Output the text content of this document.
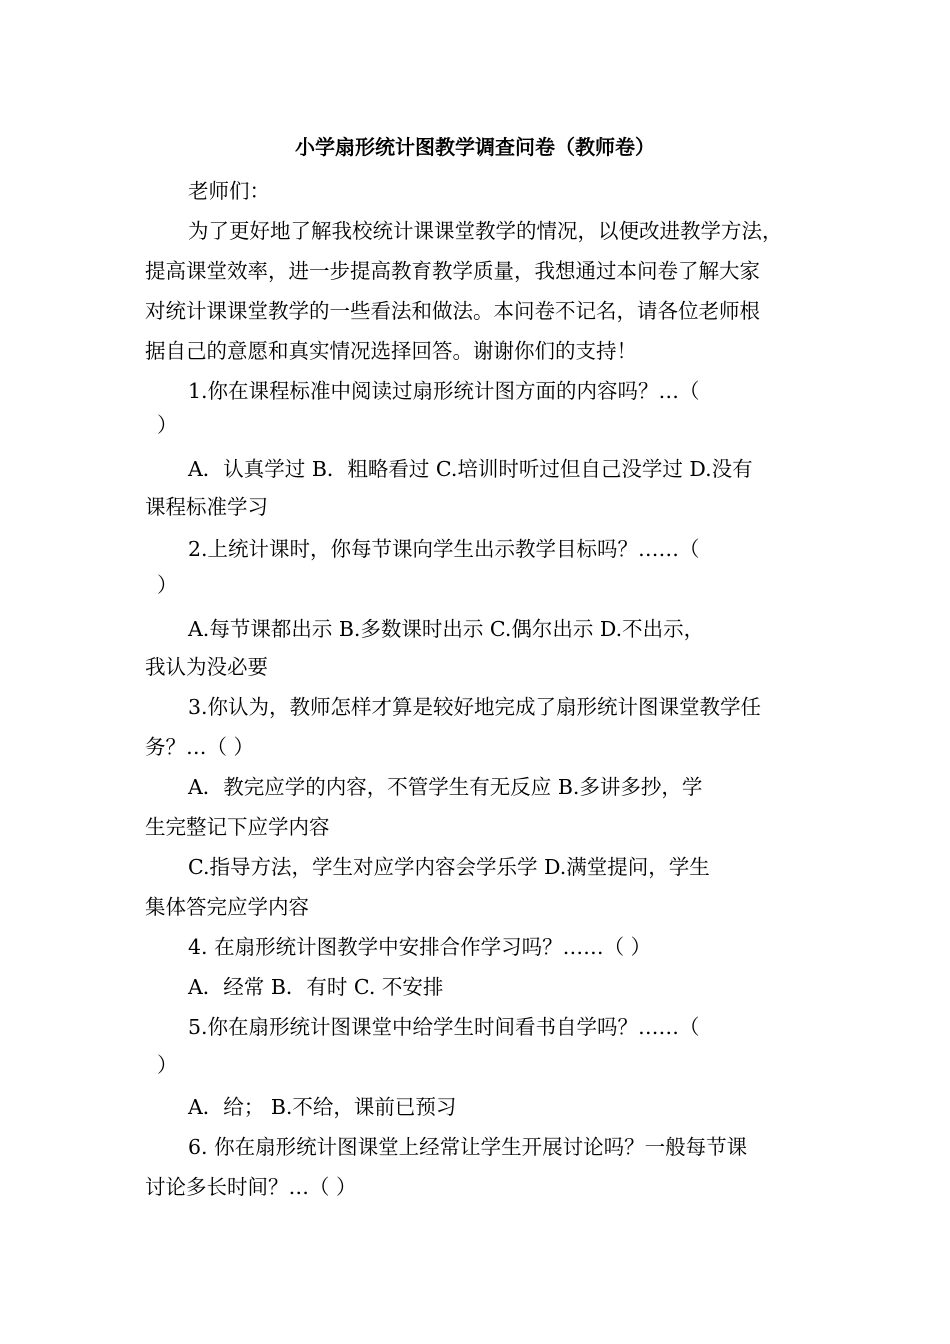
小学扇形统计图教学调查问卷（教师卷）
老师们：
为了更好地了解我校统计课课堂教学的情况，以便改进教学方法，
提高课堂效率，进一步提高教育教学质量，我想通过本问卷了解大家
对统计课课堂教学的一些看法和做法。本问卷不记名，请各位老师根
据自己的意愿和真实情况选择回答。谢谢你们的支持！
1.你在课程标准中阅读过扇形统计图方面的内容吗？…（
）
A．认真学过 B．粗略看过 C.培训时听过但自己没学过 D.没有
课程标准学习
2.上统计课时，你每节课向学生出示教学目标吗？……（
）
A.每节课都出示 B.多数课时出示 C.偶尔出示 D.不出示，
我认为没必要
3.你认为，教师怎样才算是较好地完成了扇形统计图课堂教学任
务？…（ ）
A．教完应学的内容，不管学生有无反应 B.多讲多抄，学
生完整记下应学内容
C.指导方法，学生对应学内容会学乐学 D.满堂提问，学生
集体答完应学内容
4. 在扇形统计图教学中安排合作学习吗？……（ ）
A．经常 B．有时 C. 不安排
5.你在扇形统计图课堂中给学生时间看书自学吗？……（
）
A．给； B.不给，课前已预习
6. 你在扇形统计图课堂上经常让学生开展讨论吗？一般每节课
讨论多长时间？…（ ）
